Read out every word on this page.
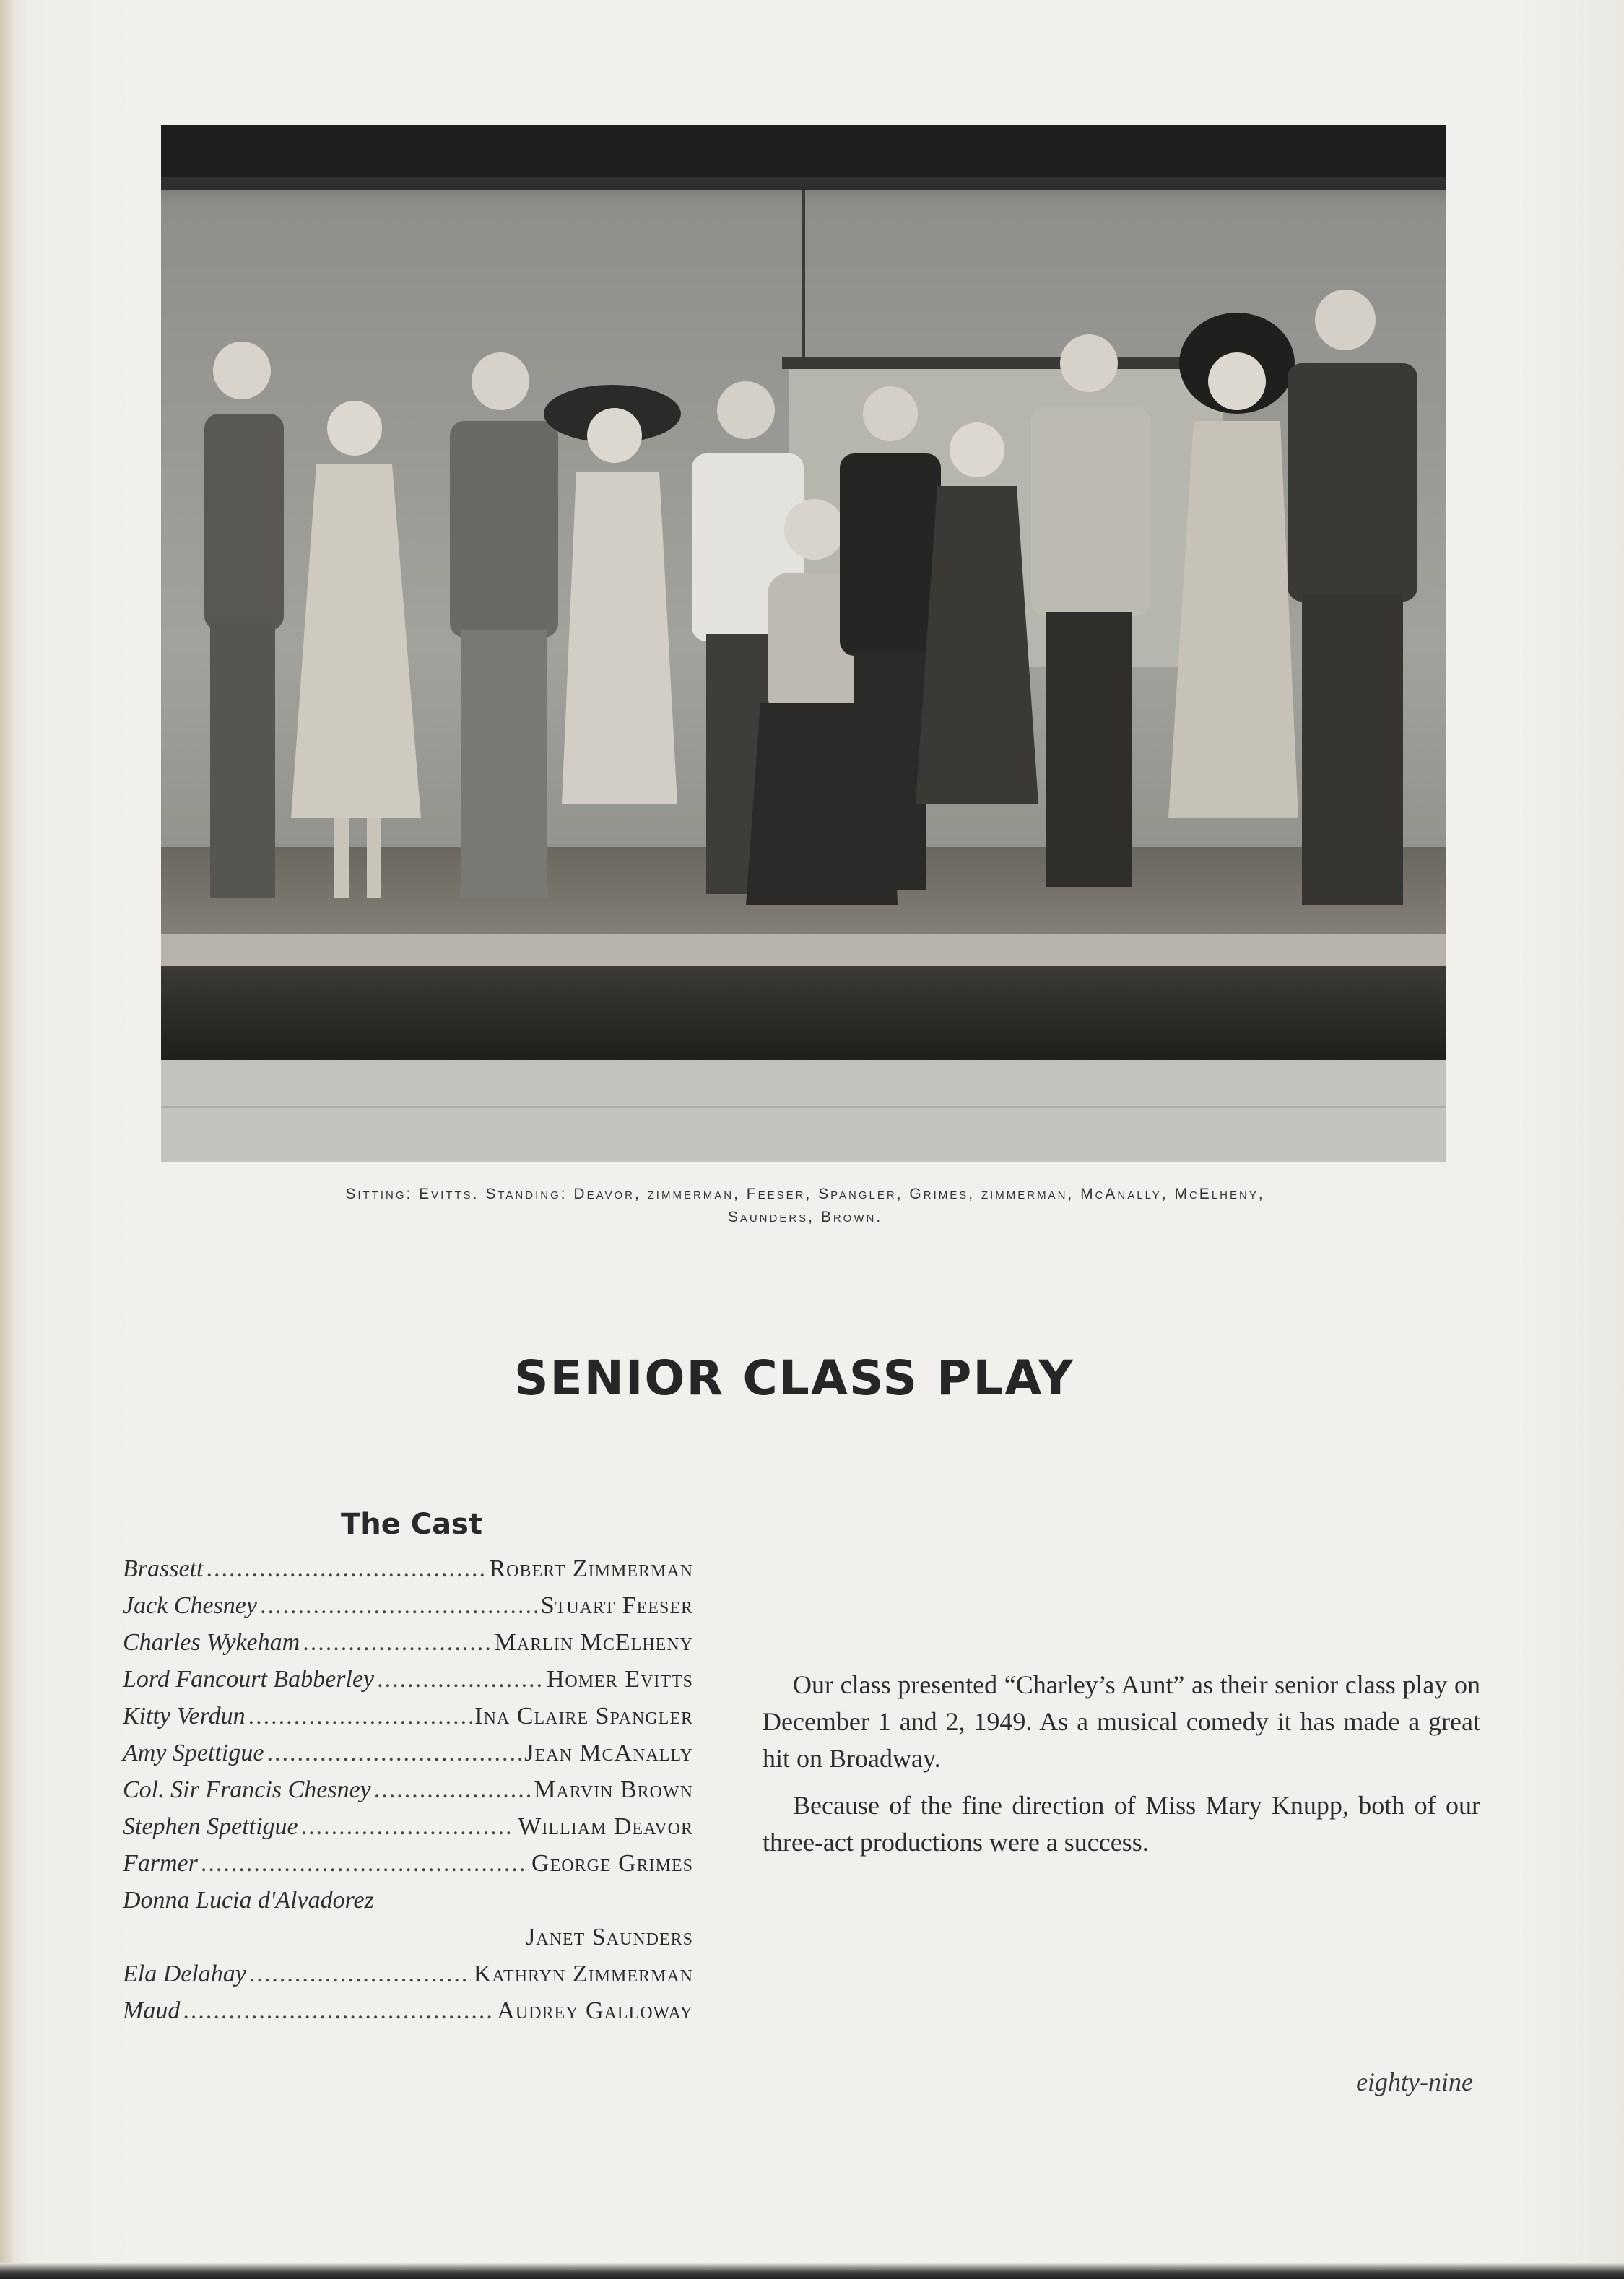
Sitting: Evitts. Standing: Deavor, zimmerman, Feeser, Spangler, Grimes, zimmerman, McAnally, McElheny,
Saunders, Brown.
SENIOR CLASS PLAY
The Cast
Brassett .....	Robert Zimmerman
Jack Chesney .....	Stuart Feeser
Charles Wykeham .....	Marlin McElheny
Lord Fancourt Babberley .....	Homer Evitts
Kitty Verdun .....	Ina Claire Spangler
Amy Spettigue .....	Jean McAnally
Col. Sir Francis Chesney .....	Marvin Brown
Stephen Spettigue .....	William Deavor
Farmer .....	George Grimes
Donna Lucia d'Alvadorez
Janet Saunders
Ela Delahay .....	Kathryn Zimmerman
Maud .....	Audrey Galloway

Our class presented “Charley’s Aunt” as their senior class play on December 1 and 2, 1949. As a musical comedy it has made a great hit on Broadway.

Because of the fine direction of Miss Mary Knupp, both of our three-act productions were a success.

eighty-nine
